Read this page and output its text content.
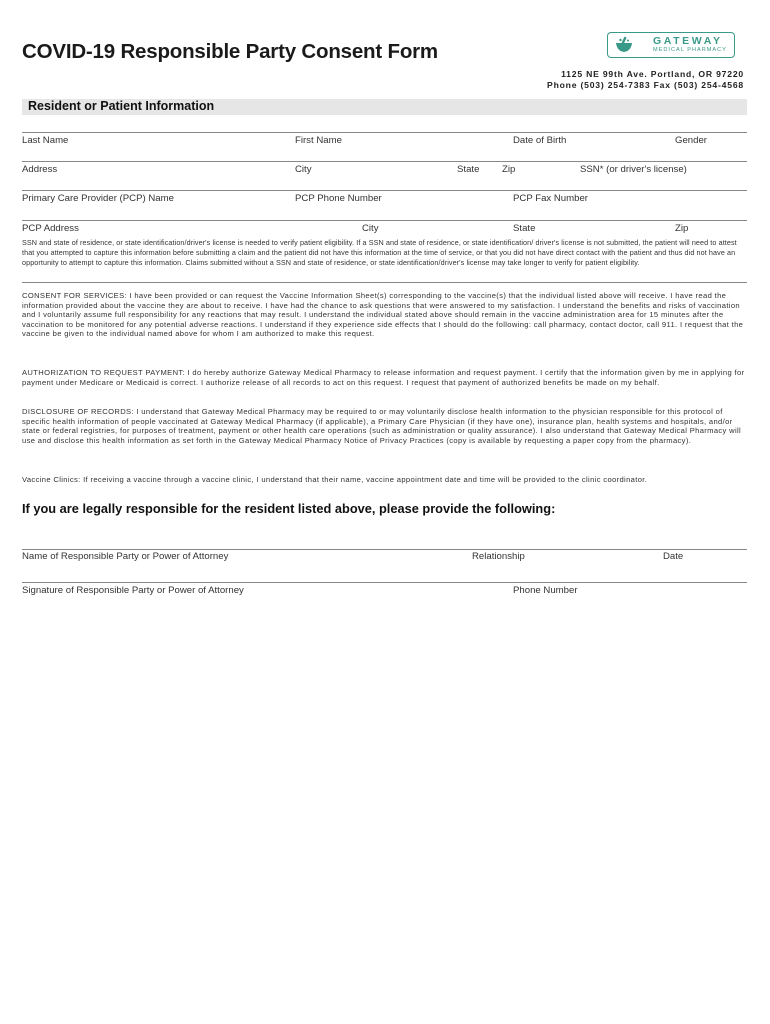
COVID-19 Responsible Party Consent Form	GATEWAY
MEDICAL PHARMACY
1125 NE 99th Ave. Portland, OR 97220
Phone (503) 254-7383 Fax (503) 254-4568
Resident or Patient Information
Last Name	First Name	Date of Birth	Gender
Address	City	State Zip	SSN* (or driver's license)
Primary Care Provider (PCP) Name	PCP Phone Number	PCP Fax Number
PCP Address	City	State	Zip
SSN and state of residence, or state identification/driver's license is needed to verify patient eligibility. If a SSN and state of residence, or state identification/ driver's license is not submitted, the patient will need to attest that you attempted to capture this information before submitting a claim and the patient did not have this information at the time of service, or that you did not have direct contact with the patient and thus did not have an opportunity to attempt to capture this information. Claims submitted without a SSN and state of residence, or state identification/driver's license may take longer to verify for patient eligibility.
CONSENT FOR SERVICES: I have been provided or can request the Vaccine Information Sheet(s) corresponding to the vaccine(s) that the individual listed above will receive. I have read the information provided about the vaccine they are about to receive. I have had the chance to ask questions that were answered to my satisfaction. I understand the benefits and risks of vaccination and I voluntarily assume full responsibility for any reactions that may result. I understand the individual stated above should remain in the vaccine administration area for 15 minutes after the vaccination to be monitored for any potential adverse reactions. I understand if they experience side effects that I should do the following: call pharmacy, contact doctor, call 911. I request that the vaccine be given to the individual named above for whom I am authorized to make this request.
AUTHORIZATION TO REQUEST PAYMENT: I do hereby authorize Gateway Medical Pharmacy to release information and request payment. I certify that the information given by me in applying for payment under Medicare or Medicaid is correct. I authorize release of all records to act on this request. I request that payment of authorized benefits be made on my behalf.
DISCLOSURE OF RECORDS: I understand that Gateway Medical Pharmacy may be required to or may voluntarily disclose health information to the physician responsible for this protocol of specific health information of people vaccinated at Gateway Medical Pharmacy (if applicable), a Primary Care Physician (if they have one), insurance plan, health systems and hospitals, and/or state or federal registries, for purposes of treatment, payment or other health care operations (such as administration or quality assurance). I also understand that Gateway Medical Pharmacy will use and disclose this health information as set forth in the Gateway Medical Pharmacy Notice of Privacy Practices (copy is available by requesting a paper copy from the pharmacy).
Vaccine Clinics: If receiving a vaccine through a vaccine clinic, I understand that their name, vaccine appointment date and time will be provided to the clinic coordinator.
If you are legally responsible for the resident listed above, please provide the following:
Name of Responsible Party or Power of Attorney	Relationship	Date
Signature of Responsible Party or Power of Attorney	Phone Number
